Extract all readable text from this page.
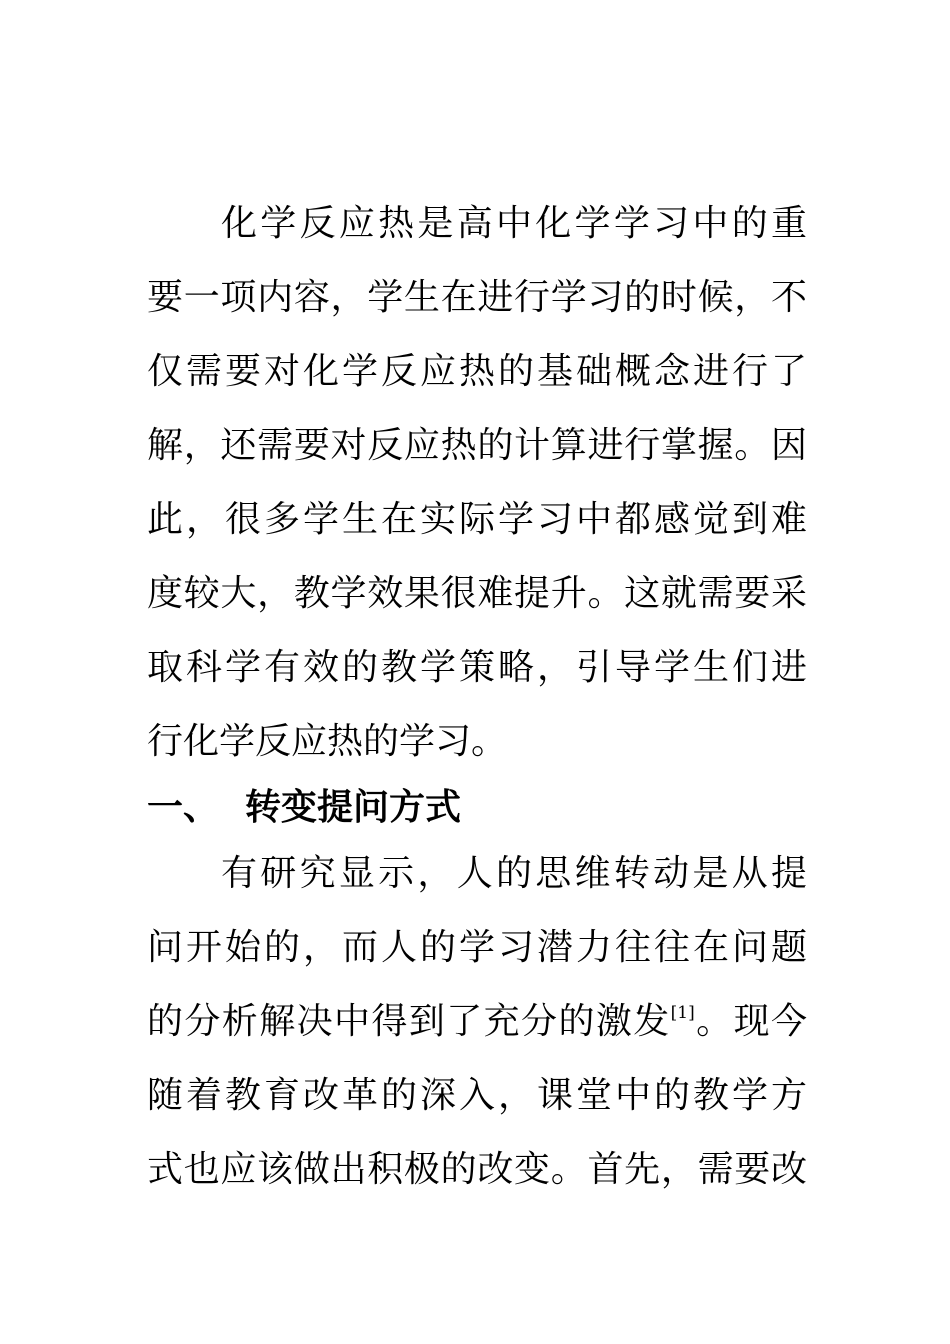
化学反应热是高中化学学习中的重
要一项内容，学生在进行学习的时候，不
仅需要对化学反应热的基础概念进行了
解，还需要对反应热的计算进行掌握。因
此，很多学生在实际学习中都感觉到难
度较大，教学效果很难提升。这就需要采
取科学有效的教学策略，引导学生们进
行化学反应热的学习。
一、 转变提问方式
有研究显示，人的思维转动是从提
问开始的，而人的学习潜力往往在问题
的分析解决中得到了充分的激发[1]。现今
随着教育改革的深入，课堂中的教学方
式也应该做出积极的改变。首先，需要改
